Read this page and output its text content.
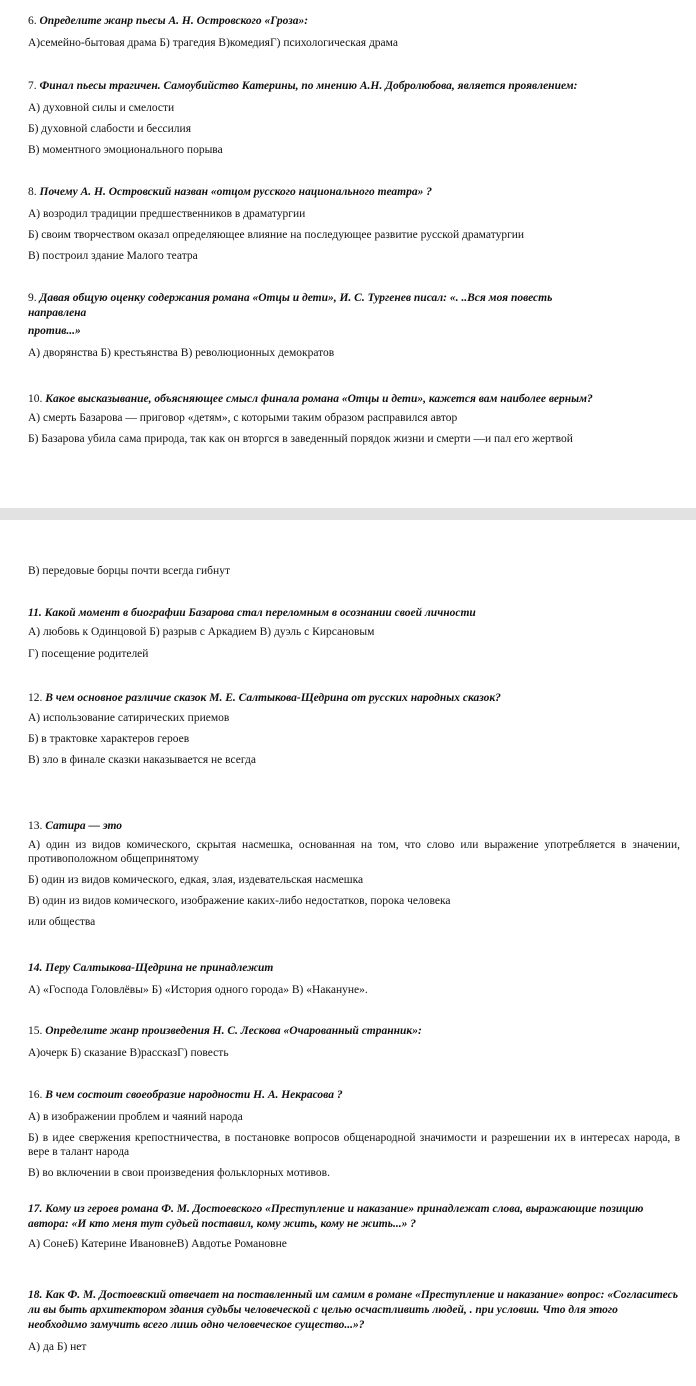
6. Определите жанр пьесы А. Н. Островского «Гроза»:

А)семейно-бытовая драма Б) трагедия В)комедияГ) психологическая драма

7. Финал пьесы трагичен. Самоубийство Катерины, по мнению А.Н. Добролюбова, является проявлением:

А) духовной силы и смелости

Б) духовной слабости и бессилия

В) моментного эмоционального порыва

8. Почему А. Н. Островский назван «отцом русского национального театра» ?

А) возродил традиции предшественников в драматургии

Б) своим творчеством оказал определяющее влияние на последующее развитие русской драматургии

В) построил здание Малого театра

9. Давая общую оценку содержания романа «Отцы и дети», И. С. Тургенев писал: «. ..Вся моя повесть

направлена

против...»

А) дворянства Б) крестьянства В) революционных демократов

10. Какое высказывание, объясняющее смысл финала романа «Отцы и дети», кажется вам наиболее верным?

А) смерть Базарова — приговор «детям», с которыми таким образом расправился автор

Б) Базарова убила сама природа, так как он вторгся в заведенный порядок жизни и смерти —и пал его жертвой

В) передовые борцы почти всегда гибнут

11. Какой момент в биографии Базарова стал переломным в осознании своей личности

А) любовь к Одинцовой Б) разрыв с Аркадием В) дуэль с Кирсановым

Г) посещение родителей

12. В чем основное различие сказок М. Е. Салтыкова-Щедрина от русских народных сказок?

А) использование сатирических приемов

Б) в трактовке характеров героев

В) зло в финале сказки наказывается не всегда

13. Сатира — это

А) один из видов комического, скрытая насмешка, основанная на том, что слово или выражение употребляется в значении, противоположном общепринятому

Б) один из видов комического, едкая, злая, издевательская насмешка

В) один из видов комического, изображение каких-либо недостатков, порока человека

или общества

14. Перу Салтыкова-Щедрина не принадлежит

А) «Господа Головлёвы» Б) «История одного города» В) «Накануне».

15. Определите жанр произведения Н. С. Лескова «Очарованный странник»:

А)очерк Б) сказание В)рассказГ) повесть

16. В чем состоит своеобразие народности Н. А. Некрасова ?

А) в изображении проблем и чаяний народа

Б) в идее свержения крепостничества, в постановке вопросов общенародной значимости и разрешении их в интересах народа, в вере в талант народа

В) во включении в свои произведения фольклорных мотивов.

17. Кому из героев романа Ф. М. Достоевского «Преступление и наказание» принадлежат слова, выражающие позицию автора: «И кто меня тут судьей поставил, кому жить, кому не жить...» ?

А) СонеБ) Катерине ИвановнеВ) Авдотье Романовне

18. Как Ф. М. Достоевский отвечает на поставленный им самим в романе «Преступление и наказание» вопрос: «Согласитесь ли вы быть архитектором здания судьбы человеческой с целью осчастливить людей, . при условии. Что для этого необходимо замучить всего лишь одно человеческое существо...»?

А) да Б) нет
